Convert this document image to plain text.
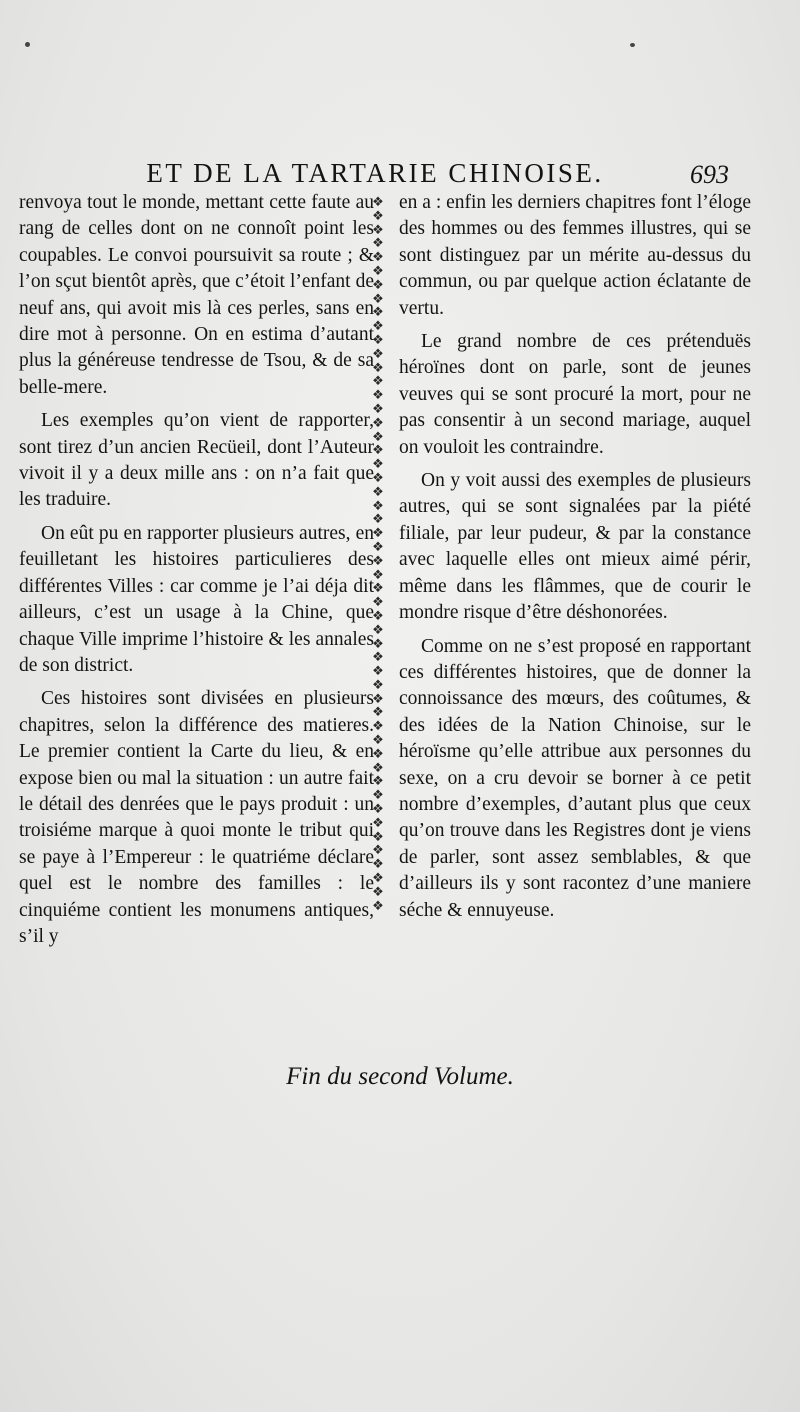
ET DE LA TARTARIE CHINOISE.	693

renvoya tout le monde, mettant cette faute au rang de celles dont on ne connoît point les coupables. Le convoi poursuivit sa route ; & l’on sçut bientôt après, que c’étoit l’enfant de neuf ans, qui avoit mis là ces perles, sans en dire mot à personne. On en estima d’autant plus la généreuse tendresse de Tsou, & de sa belle-mere.

Les exemples qu’on vient de rapporter, sont tirez d’un ancien Recüeil, dont l’Auteur vivoit il y a deux mille ans : on n’a fait que les traduire.

On eût pu en rapporter plusieurs autres, en feuilletant les histoires particulieres des différentes Villes : car comme je l’ai déja dit ailleurs, c’est un usage à la Chine, que chaque Ville imprime l’histoire & les annales de son district.

Ces histoires sont divisées en plusieurs chapitres, selon la différence des matieres. Le premier contient la Carte du lieu, & en expose bien ou mal la situation : un autre fait le détail des denrées que le pays produit : un troisiéme marque à quoi monte le tribut qui se paye à l’Empereur : le quatriéme déclare quel est le nombre des familles : le cinquiéme contient les monumens antiques, s’il y

❖
❖
❖
❖
❖
❖
❖
❖
❖
❖
❖
❖
❖
❖
❖
❖
❖
❖
❖
❖
❖
❖
❖
❖
❖
❖
❖
❖
❖
❖
❖
❖
❖
❖
❖
❖
❖
❖
❖
❖
❖
❖
❖
❖
❖
❖
❖
❖
❖
❖
❖
❖

en a : enfin les derniers chapitres font l’éloge des hommes ou des femmes illustres, qui se sont distinguez par un mérite au-dessus du commun, ou par quelque action éclatante de vertu.

Le grand nombre de ces prétenduës héroïnes dont on parle, sont de jeunes veuves qui se sont procuré la mort, pour ne pas consentir à un second mariage, auquel on vouloit les contraindre.

On y voit aussi des exemples de plusieurs autres, qui se sont signalées par la piété filiale, par leur pudeur, & par la constance avec laquelle elles ont mieux aimé périr, même dans les flâmmes, que de courir le mondre risque d’être déshonorées.

Comme on ne s’est proposé en rapportant ces différentes histoires, que de donner la connoissance des mœurs, des coûtumes, & des idées de la Nation Chinoise, sur le héroïsme qu’elle attribue aux personnes du sexe, on a cru devoir se borner à ce petit nombre d’exemples, d’autant plus que ceux qu’on trouve dans les Registres dont je viens de parler, sont assez semblables, & que d’ailleurs ils y sont racontez d’une maniere séche & ennuyeuse.

Fin du second Volume.
